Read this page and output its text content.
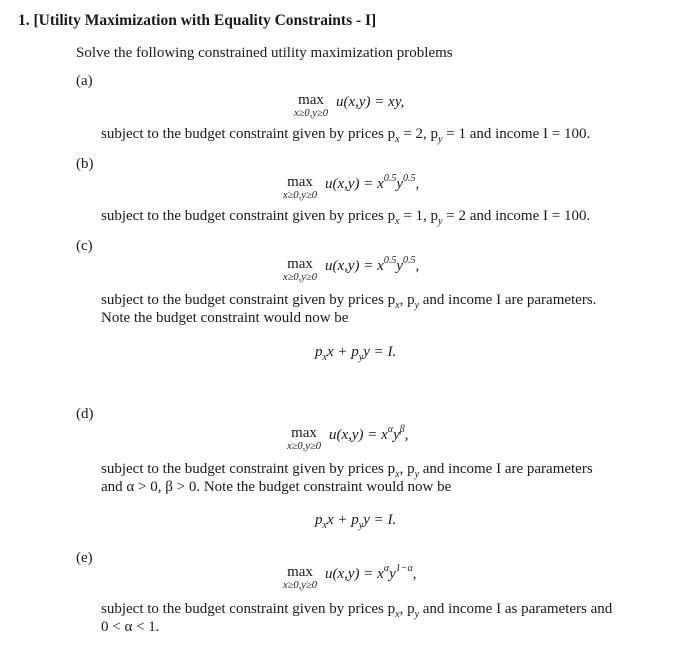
1. [Utility Maximization with Equality Constraints - I]
Solve the following constrained utility maximization problems
(a)
max
x≥0,y≥0
u(x,y) = xy,
subject to the budget constraint given by prices $p_x = 2$, $p_y = 1$ and income I = 100.
(b)
max
x≥0,y≥0
$u(x,y) = x^{0.5}y^{0.5}$,
subject to the budget constraint given by prices $p_x = 1$, $p_y = 2$ and income I = 100.
(c)
max
x≥0,y≥0
$u(x,y) = x^{0.5}y^{0.5}$,
subject to the budget constraint given by prices $p_x$, $p_y$ and income I are parameters.
Note the budget constraint would now be
$p_xx + p_yy = I$.
(d)
max
x≥0,y≥0
$u(x,y) = x^\alpha y^\beta$,
subject to the budget constraint given by prices $p_x$, $p_y$ and income I are parameters
and α > 0, β > 0. Note the budget constraint would now be
$p_xx + p_yy = I$.
(e)
max
x≥0,y≥0
$u(x,y) = x^\alpha y^{1-\alpha}$,
subject to the budget constraint given by prices $p_x$, $p_y$ and income I as parameters and
0 < α < 1.
